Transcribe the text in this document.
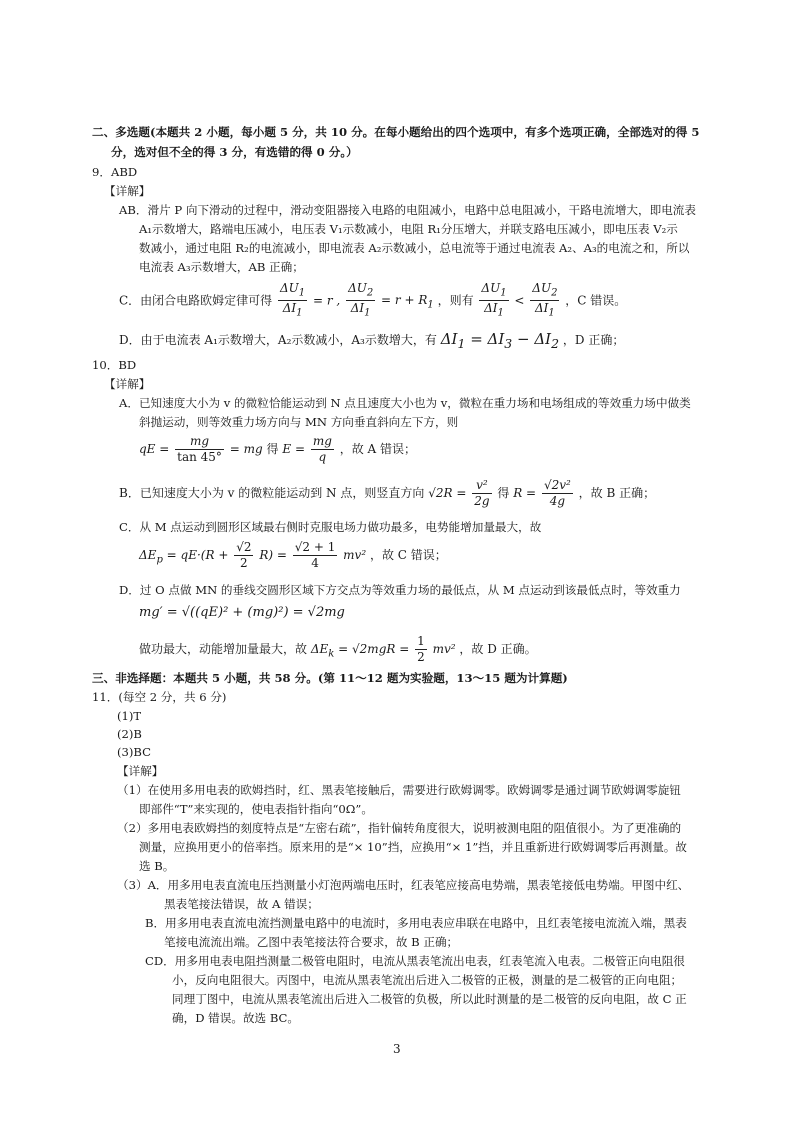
二、多选题(本题共 2 小题，每小题 5 分，共 10 分。在每小题给出的四个选项中，有多个选项正确，全部选对的得 5
分，选对但不全的得 3 分，有选错的得 0 分。）
9．ABD
【详解】
AB．滑片 P 向下滑动的过程中，滑动变阻器接入电路的电阻减小，电路中总电阻减小，干路电流增大，即电流表
A₁示数增大，路端电压减小，电压表 V₁示数减小，电阻 R₁分压增大，并联支路电压减小，即电压表 V₂示
数减小，通过电阻 R₂的电流减小，即电流表 A₂示数减小，总电流等于通过电流表 A₂、A₃的电流之和，所以
电流表 A₃示数增大，AB 正确；
C．由闭合电路欧姆定律可得 $\frac{\Delta U_1}{\Delta I_1} = r$ , $\frac{\Delta U_2}{\Delta I_1} = r + R_1$ ，则有 $\frac{\Delta U_1}{\Delta I_1} < \frac{\Delta U_2}{\Delta I_1}$ ，C 错误。
D．由于电流表 A₁示数增大，A₂示数减小，A₃示数增大，有 $\Delta I_1 = \Delta I_3 - \Delta I_2$ ，D 正确；
10．BD
【详解】
A．已知速度大小为 v 的微粒恰能运动到 N 点且速度大小也为 v，微粒在重力场和电场组成的等效重力场中做类
斜抛运动，则等效重力场方向与 MN 方向垂直斜向左下方，则
qE = $\frac{mg}{\tan 45^\circ}$ = mg 得 $E = \frac{mg}{q}$ ，故 A 错误；
B．已知速度大小为 v 的微粒能运动到 N 点，则竖直方向 $√2R = \frac{\text{v²}}{2g}$ 得 $R = \frac{\text{√2v²}}{4g}$ ，故 B 正确；
C．从 M 点运动到圆形区域最右侧时克服电场力做功最多，电势能增加量最大，故
$\Delta E_p = qE\cdot(R + \frac{√2}{2} R) = \frac{√2 + 1}{4} mv^2$ ，故 C 错误；
D．过 O 点做 MN 的垂线交圆形区域下方交点为等效重力场的最低点，从 M 点运动到该最低点时，等效重力
mg′ = √((qE)² + (mg)²) = √2mg
做功最大，动能增加量最大，故 $\Delta E_k = √2mgR = \frac{1}{2} mv^2$ ，故 D 正确。
三、非选择题：本题共 5 小题，共 58 分。(第 11～12 题为实验题，13～15 题为计算题)
11．(每空 2 分，共 6 分)
(1)T
(2)B
(3)BC
【详解】
（1）在使用多用电表的欧姆挡时，红、黑表笔接触后，需要进行欧姆调零。欧姆调零是通过调节欧姆调零旋钮
即部件“T”来实现的，使电表指针指向“0Ω”。
（2）多用电表欧姆挡的刻度特点是“左密右疏”，指针偏转角度很大，说明被测电阻的阻值很小。为了更准确的
测量，应换用更小的倍率挡。原来用的是“× 10”挡，应换用“× 1”挡，并且重新进行欧姆调零后再测量。故
选 B。
（3）A．用多用电表直流电压挡测量小灯泡两端电压时，红表笔应接高电势端，黑表笔接低电势端。甲图中红、
黑表笔接法错误，故 A 错误；
B．用多用电表直流电流挡测量电路中的电流时，多用电表应串联在电路中，且红表笔接电流流入端，黑表
笔接电流流出端。乙图中表笔接法符合要求，故 B 正确；
CD．用多用电表电阻挡测量二极管电阻时，电流从黑表笔流出电表，红表笔流入电表。二极管正向电阻很
小，反向电阻很大。丙图中，电流从黑表笔流出后进入二极管的正极，测量的是二极管的正向电阻；
同理丁图中，电流从黑表笔流出后进入二极管的负极，所以此时测量的是二极管的反向电阻，故 C 正
确，D 错误。故选 BC。
3
